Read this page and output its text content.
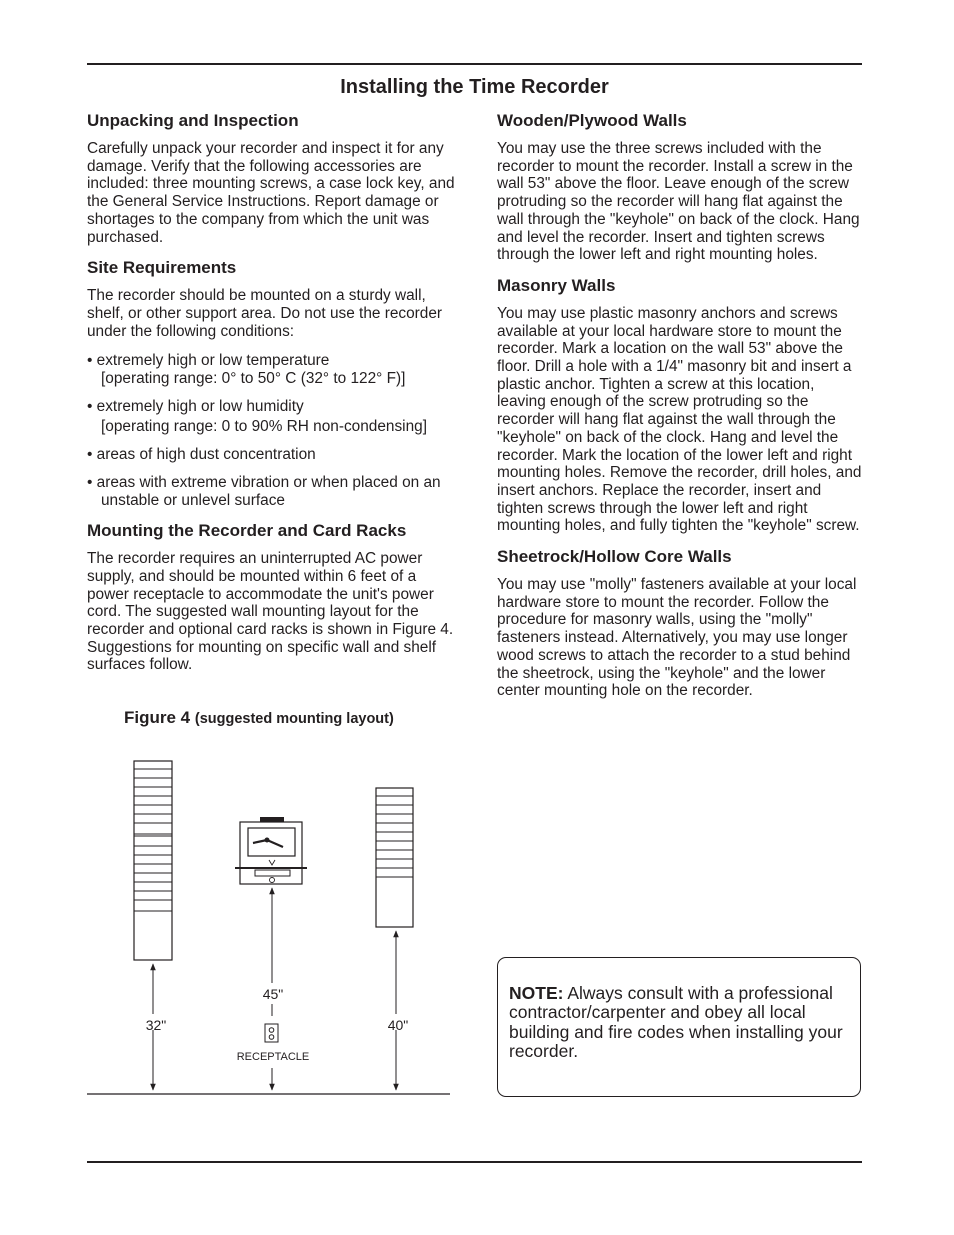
Installing the Time Recorder
Unpacking and Inspection

Carefully unpack your recorder and inspect it for any damage. Verify that the following accessories are included: three mounting screws, a case lock key, and the General Service Instructions. Report damage or shortages to the company from which the unit was purchased.

Site Requirements

The recorder should be mounted on a sturdy wall, shelf, or other support area. Do not use the recorder under the following conditions:

• extremely high or low temperature
[operating range: 0° to 50° C (32° to 122° F)]
• extremely high or low humidity
[operating range: 0 to 90% RH non-condensing]
• areas of high dust concentration
• areas with extreme vibration or when placed on an unstable or unlevel surface
Mounting the Recorder and Card Racks

The recorder requires an uninterrupted AC power supply, and should be mounted within 6 feet of a power receptacle to accommodate the unit's power cord. The suggested wall mounting layout for the recorder and optional card racks is shown in Figure 4. Suggestions for mounting on specific wall and shelf surfaces follow.

Figure 4 (suggested mounting layout)
32"
45"
RECEPTACLE
40"
Wooden/Plywood Walls

You may use the three screws included with the recorder to mount the recorder. Install a screw in the wall 53" above the floor. Leave enough of the screw protruding so the recorder will hang flat against the wall through the "keyhole" on back of the clock. Hang and level the recorder. Insert and tighten screws through the lower left and right mounting holes.

Masonry Walls

You may use plastic masonry anchors and screws available at your local hardware store to mount the recorder. Mark a location on the wall 53" above the floor. Drill a hole with a 1/4" masonry bit and insert a plastic anchor. Tighten a screw at this location, leaving enough of the screw protruding so the recorder will hang flat against the wall through the "keyhole" on back of the clock. Hang and level the recorder. Mark the location of the lower left and right mounting holes. Remove the recorder, drill holes, and insert anchors. Replace the recorder, insert and tighten screws through the lower left and right mounting holes, and fully tighten the "keyhole" screw.

Sheetrock/Hollow Core Walls

You may use "molly" fasteners available at your local hardware store to mount the recorder. Follow the procedure for masonry walls, using the "molly" fasteners instead. Alternatively, you may use longer wood screws to attach the recorder to a stud behind the sheetrock, using the "keyhole" and the lower center mounting hole on the recorder.

NOTE: Always consult with a professional contractor/carpenter and obey all local building and fire codes when installing your recorder.
